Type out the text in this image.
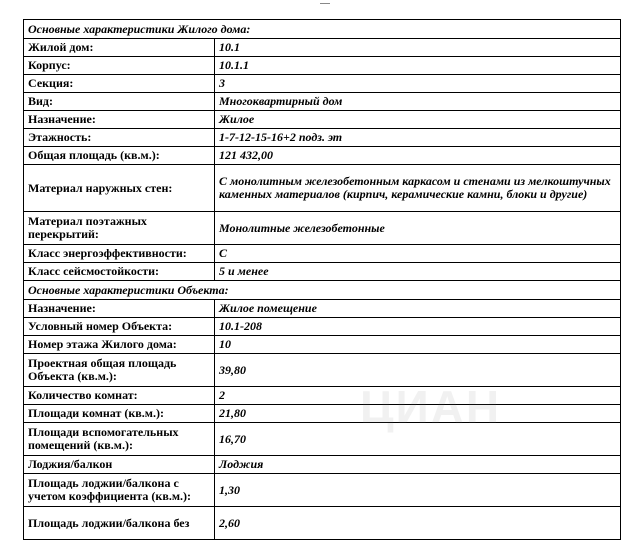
Основные характеристики Жилого дома:	
Жилой дом:	10.1
Корпус:	10.1.1
Секция:	3
Вид:	Многоквартирный дом
Назначение:	Жилое
Этажность:	1-7-12-15-16+2 подз. эт
Общая площадь (кв.м.):	121 432,00
Материал наружных стен:	С монолитным железобетонным каркасом и стенами из мелкоштучных каменных материалов (кирпич, керамические камни, блоки и другие)
Материал поэтажных перекрытий:	Монолитные железобетонные
Класс энергоэффективности:	С
Класс сейсмостойкости:	5 и менее
Основные характеристики Объекта:	
Назначение:	Жилое помещение
Условный номер Объекта:	10.1-208
Номер этажа Жилого дома:	10
Проектная общая площадь Объекта (кв.м.):	39,80
Количество комнат:	2
Площади комнат (кв.м.):	21,80
Площади вспомогательных помещений (кв.м.):	16,70
Лоджия/балкон	Лоджия
Площадь лоджии/балкона с учетом коэффициента (кв.м.):	1,30
Площадь лоджии/балкона без	2,60
ЦИАН
